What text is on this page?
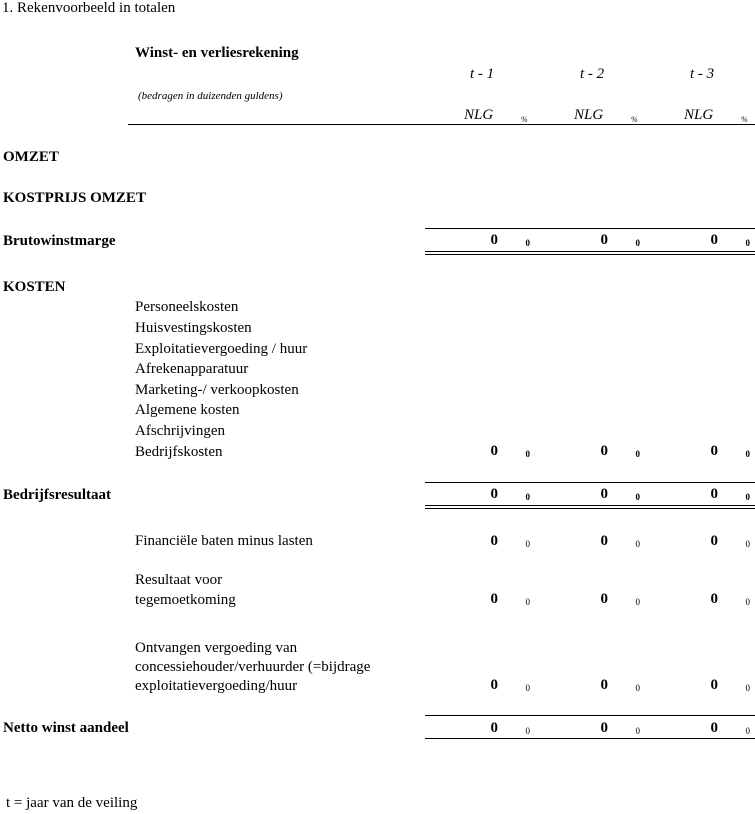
1. Rekenvoorbeeld in totalen
Winst- en verliesrekening
(bedragen in duizenden guldens)
t - 1	t - 2	t - 3
NLG	%	NLG	%	NLG	%
OMZET
KOSTPRIJS OMZET
Brutowinstmarge	0	0	0	0	0	0
KOSTEN
Personeelskosten
Huisvestingskosten
Exploitatievergoeding / huur
Afrekenapparatuur
Marketing-/ verkoopkosten
Algemene kosten
Afschrijvingen
Bedrijfskosten	0	0	0	0	0	0
Bedrijfsresultaat	0	0	0	0	0	0
Financiële baten minus lasten	0	0	0	0	0	0
Resultaat voor
tegemoetkoming	0	0	0	0	0	0
Ontvangen vergoeding van
concessiehouder/verhuurder (=bijdrage
exploitatievergoeding/huur	0	0	0	0	0	0
Netto winst aandeel	0	0	0	0	0	0
t = jaar van de veiling
